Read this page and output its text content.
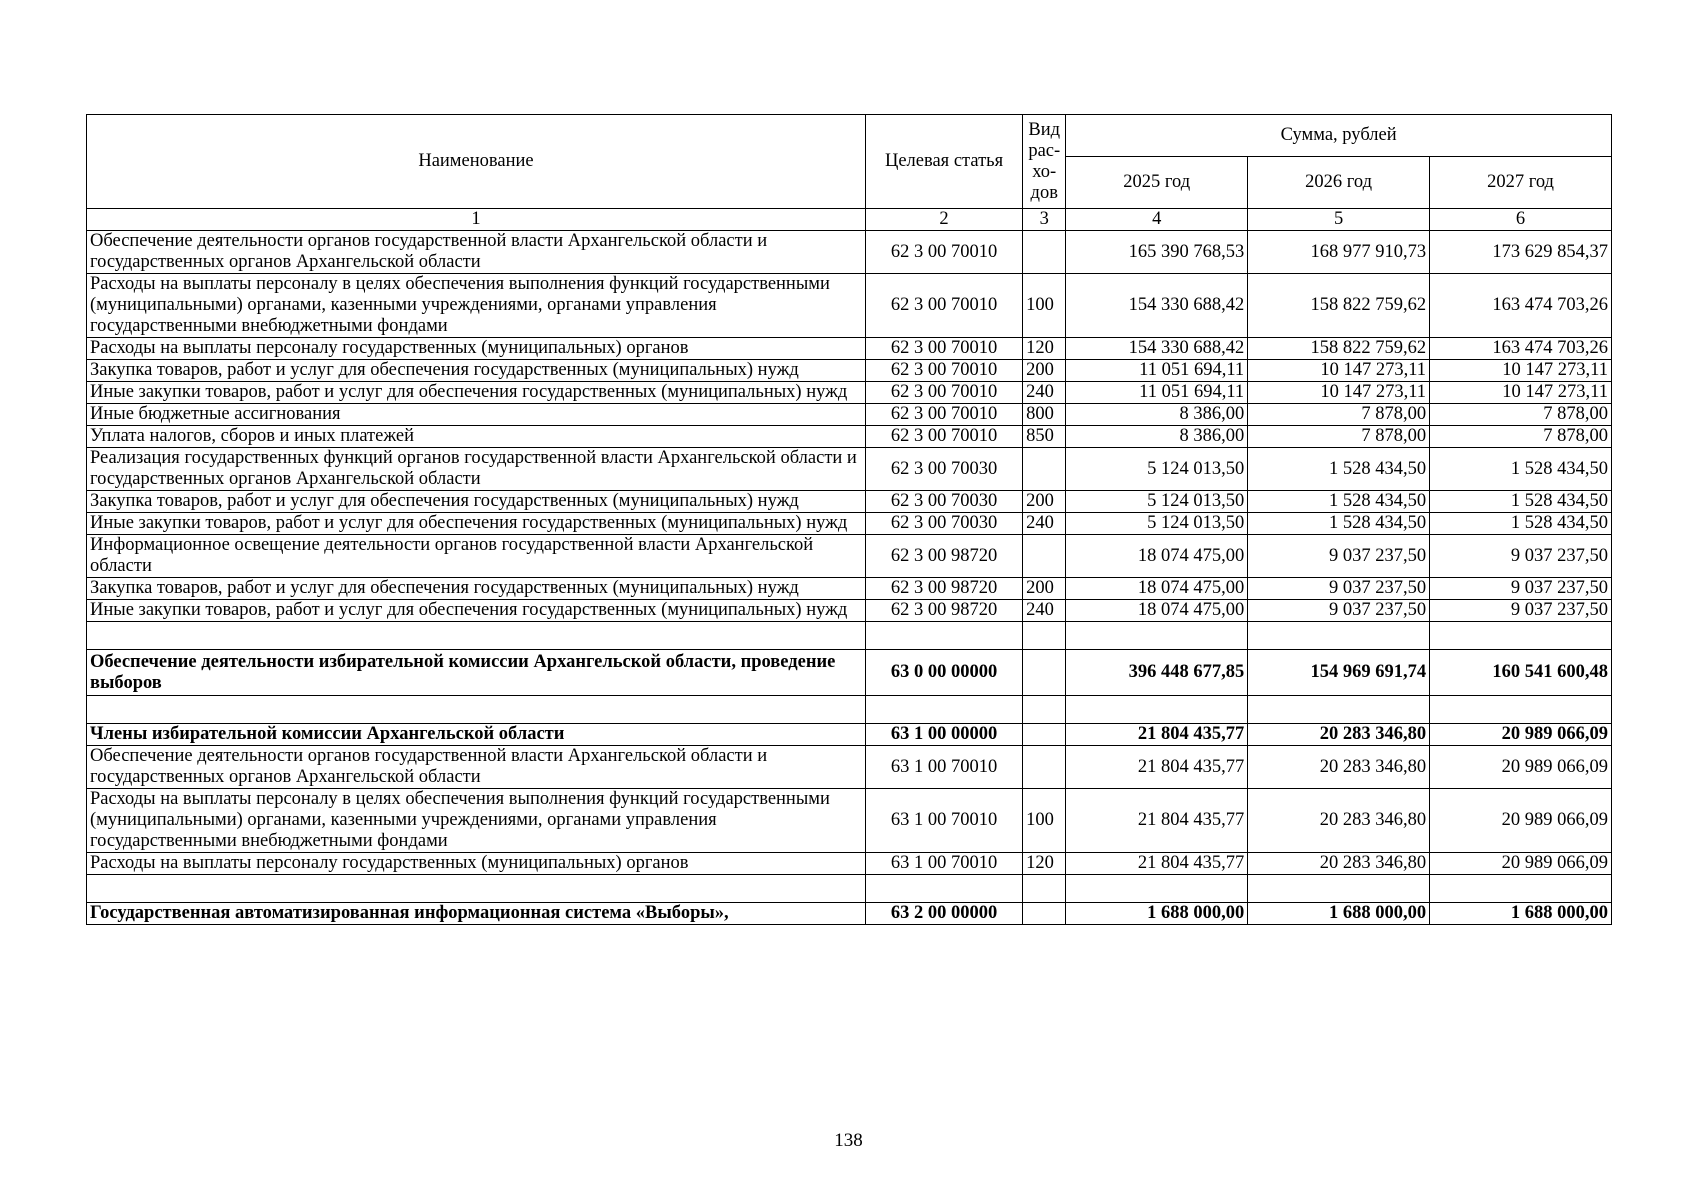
Наименование	Целевая статья	Вид рас-хо-дов	Сумма, рублей		
			2025 год	2026 год	2027 год
1	2	3	4	5	6
Обеспечение деятельности органов государственной власти Архангельской области и государственных органов Архангельской области	62 3 00 70010		165 390 768,53	168 977 910,73	173 629 854,37
Расходы на выплаты персоналу в целях обеспечения выполнения функций государственными (муниципальными) органами, казенными учреждениями, органами управления государственными внебюджетными фондами	62 3 00 70010	100	154 330 688,42	158 822 759,62	163 474 703,26
Расходы на выплаты персоналу государственных (муниципальных) органов	62 3 00 70010	120	154 330 688,42	158 822 759,62	163 474 703,26
Закупка товаров, работ и услуг для обеспечения государственных (муниципальных) нужд	62 3 00 70010	200	11 051 694,11	10 147 273,11	10 147 273,11
Иные закупки товаров, работ и услуг для обеспечения государственных (муниципальных) нужд	62 3 00 70010	240	11 051 694,11	10 147 273,11	10 147 273,11
Иные бюджетные ассигнования	62 3 00 70010	800	8 386,00	7 878,00	7 878,00
Уплата налогов, сборов и иных платежей	62 3 00 70010	850	8 386,00	7 878,00	7 878,00
Реализация государственных функций органов государственной власти Архангельской области и государственных органов Архангельской области	62 3 00 70030		5 124 013,50	1 528 434,50	1 528 434,50
Закупка товаров, работ и услуг для обеспечения государственных (муниципальных) нужд	62 3 00 70030	200	5 124 013,50	1 528 434,50	1 528 434,50
Иные закупки товаров, работ и услуг для обеспечения государственных (муниципальных) нужд	62 3 00 70030	240	5 124 013,50	1 528 434,50	1 528 434,50
Информационное освещение деятельности органов государственной власти Архангельской области	62 3 00 98720		18 074 475,00	9 037 237,50	9 037 237,50
Закупка товаров, работ и услуг для обеспечения государственных (муниципальных) нужд	62 3 00 98720	200	18 074 475,00	9 037 237,50	9 037 237,50
Иные закупки товаров, работ и услуг для обеспечения государственных (муниципальных) нужд	62 3 00 98720	240	18 074 475,00	9 037 237,50	9 037 237,50

Обеспечение деятельности избирательной комиссии Архангельской области, проведение выборов	63 0 00 00000		396 448 677,85	154 969 691,74	160 541 600,48

Члены избирательной комиссии Архангельской области	63 1 00 00000		21 804 435,77	20 283 346,80	20 989 066,09
Обеспечение деятельности органов государственной власти Архангельской области и государственных органов Архангельской области	63 1 00 70010		21 804 435,77	20 283 346,80	20 989 066,09
Расходы на выплаты персоналу в целях обеспечения выполнения функций государственными (муниципальными) органами, казенными учреждениями, органами управления государственными внебюджетными фондами	63 1 00 70010	100	21 804 435,77	20 283 346,80	20 989 066,09
Расходы на выплаты персоналу государственных (муниципальных) органов	63 1 00 70010	120	21 804 435,77	20 283 346,80	20 989 066,09

Государственная автоматизированная информационная система «Выборы»,	63 2 00 00000		1 688 000,00	1 688 000,00	1 688 000,00
138
